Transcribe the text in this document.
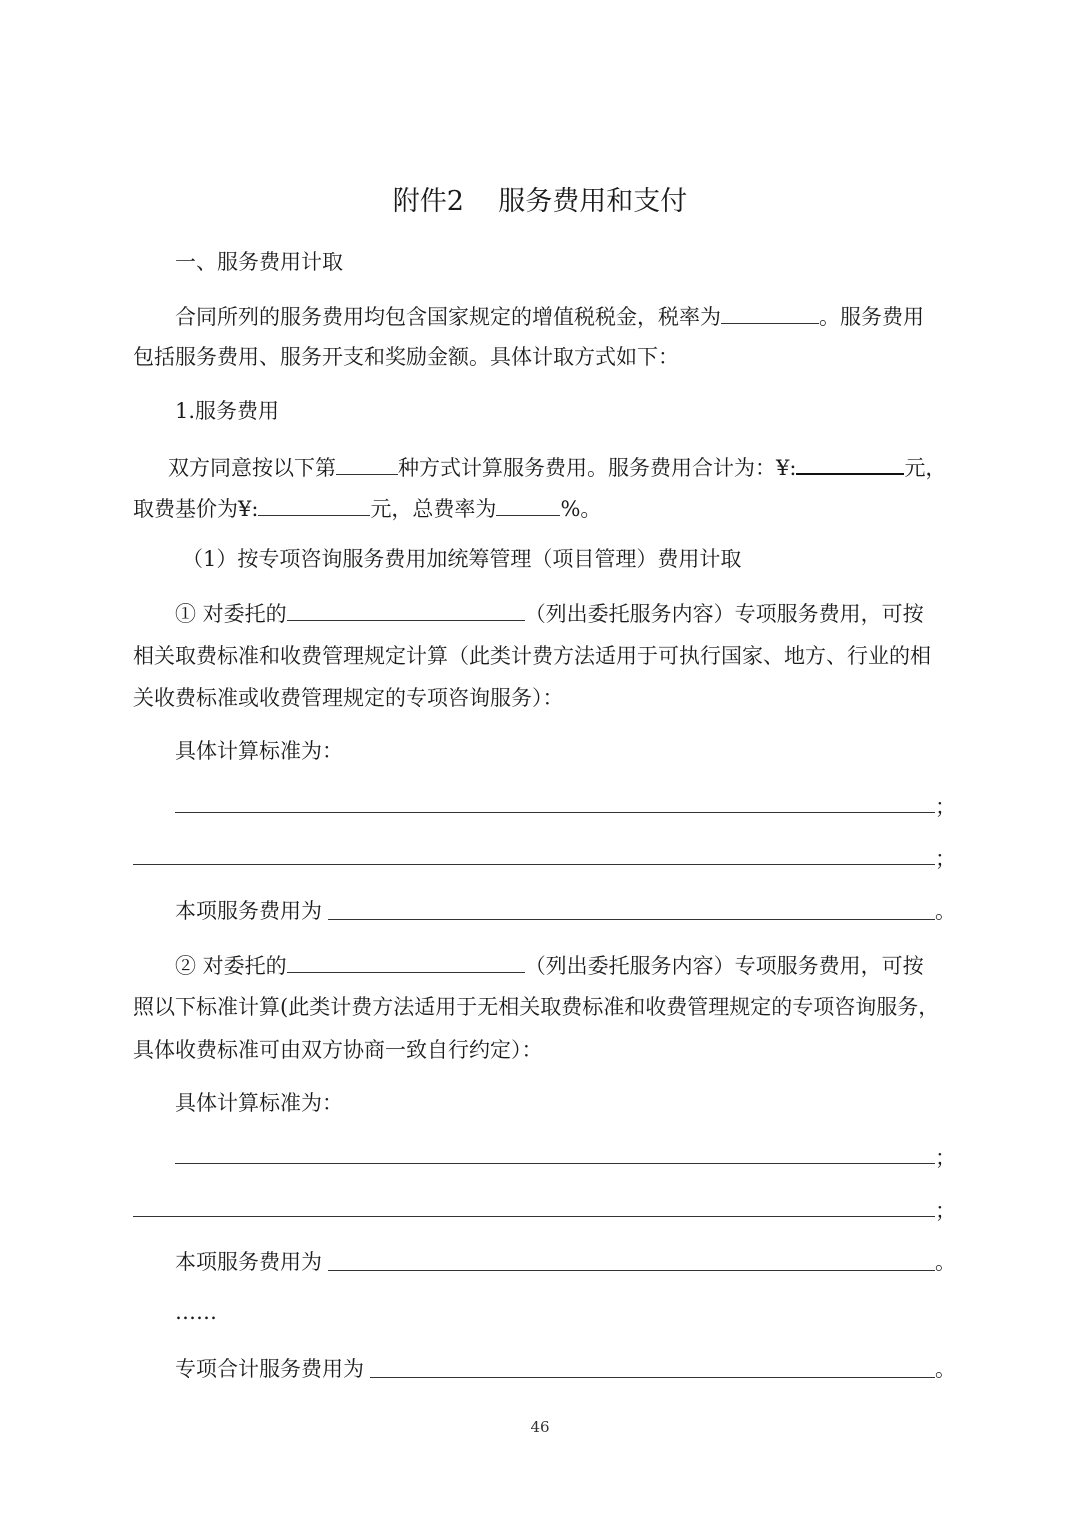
附件2    服务费用和支付
一、服务费用计取
合同所列的服务费用均包含国家规定的增值税税金，税率为	。服务费用
包括服务费用、服务开支和奖励金额。具体计取方式如下：
1.服务费用
双方同意按以下第	种方式计算服务费用。服务费用合计为：¥:	元，
取费基价为¥:	元，总费率为	%。
（1）按专项咨询服务费用加统筹管理（项目管理）费用计取
① 对委托的	（列出委托服务内容）专项服务费用，可按
相关取费标准和收费管理规定计算（此类计费方法适用于可执行国家、地方、行业的相
关收费标准或收费管理规定的专项咨询服务）：
具体计算标准为：
；
；
本项服务费用为	。
② 对委托的	（列出委托服务内容）专项服务费用，可按
照以下标准计算(此类计费方法适用于无相关取费标准和收费管理规定的专项咨询服务，
具体收费标准可由双方协商一致自行约定）：
具体计算标准为：
；
；
本项服务费用为	。
……
专项合计服务费用为	。
46
